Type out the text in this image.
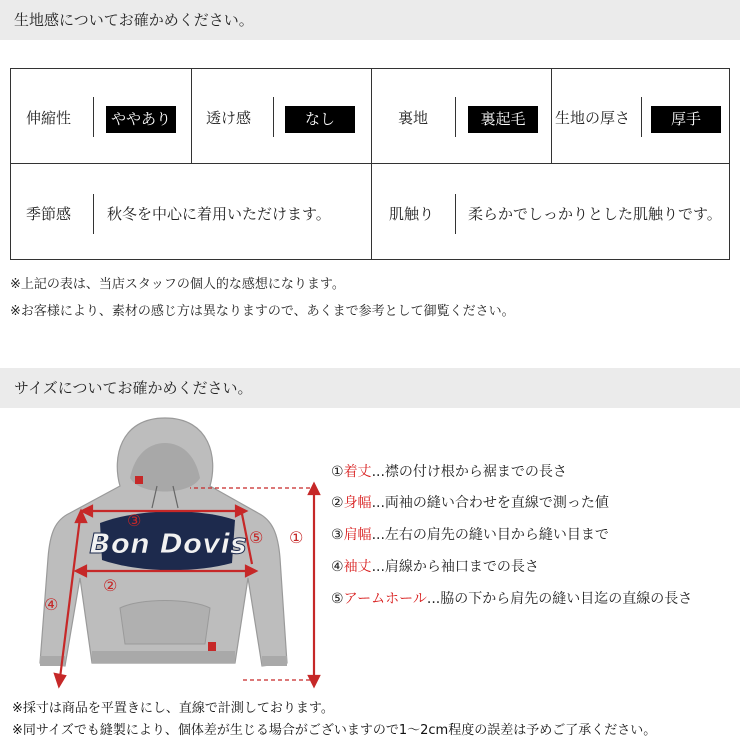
生地感についてお確かめください。
伸縮性	ややあり	透け感	なし	裏地	裏起毛	生地の厚さ	厚手
季節感 秋冬を中心に着用いただけます。	肌触り 柔らかでしっかりとした肌触りです。
※上記の表は、当店スタッフの個人的な感想になります。
※お客様により、素材の感じ方は異なりますので、あくまで参考として御覧ください。
サイズについてお確かめください。
Bon Dovis
③
②
⑤ ①
④
①着丈...襟の付け根から裾までの長さ
②身幅...両袖の縫い合わせを直線で測った値
③肩幅...左右の肩先の縫い目から縫い目まで
④袖丈...肩線から袖口までの長さ
⑤アームホール...脇の下から肩先の縫い目迄の直線の長さ
※採寸は商品を平置きにし、直線で計測しております。
※同サイズでも縫製により、個体差が生じる場合がございますので1～2cm程度の誤差は予めご了承ください。
